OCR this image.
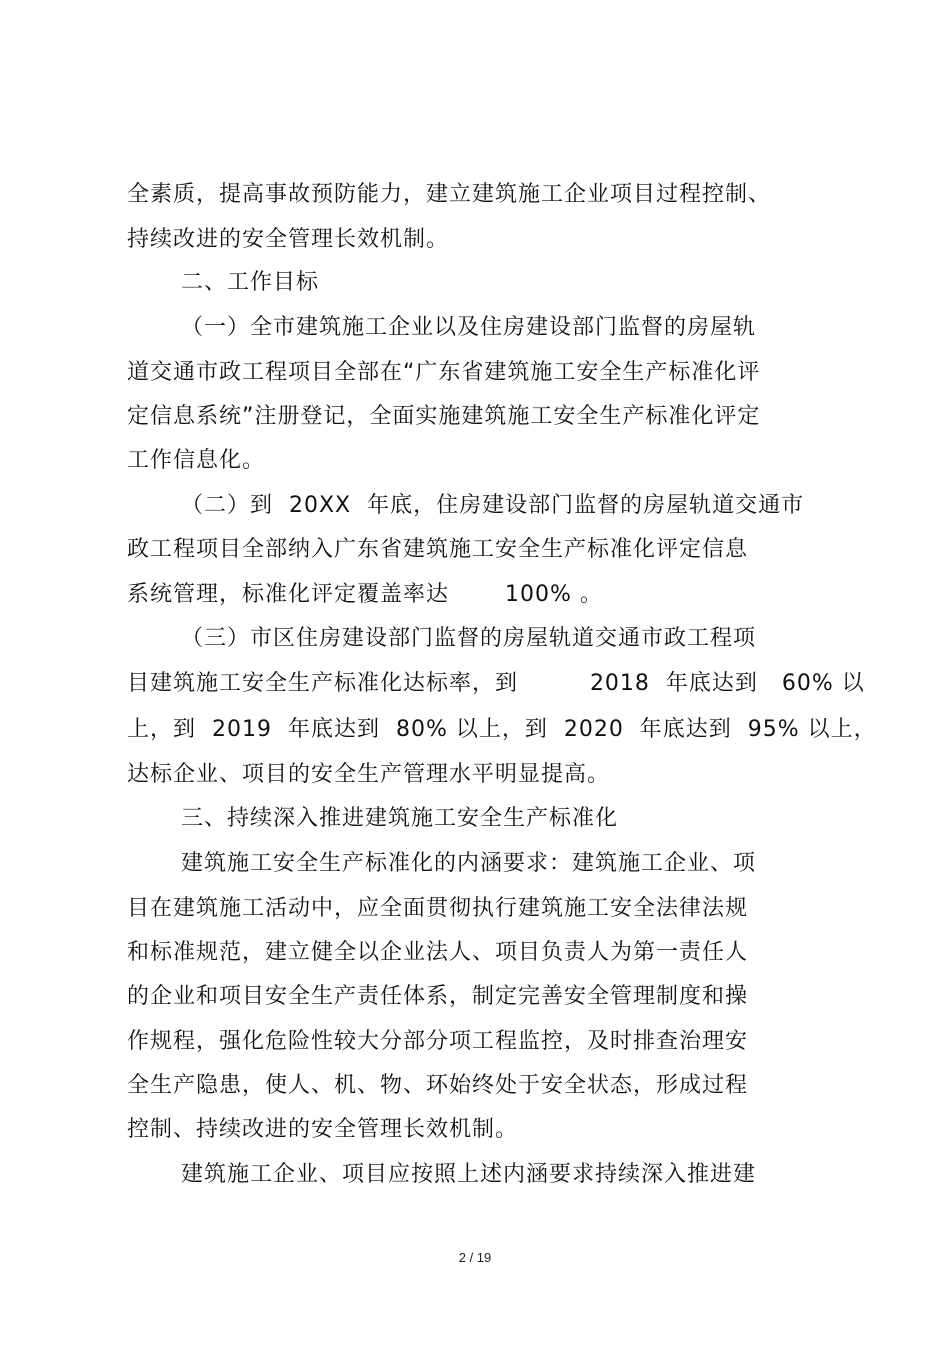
全素质，提高事故预防能力，建立建筑施工企业项目过程控制、
持续改进的安全管理长效机制。
二、工作目标
（一）全市建筑施工企业以及住房建设部门监督的房屋轨
道交通市政工程项目全部在“广东省建筑施工安全生产标准化评
定信息系统”注册登记，全面实施建筑施工安全生产标准化评定
工作信息化。
（二）到  20XX  年底，住房建设部门监督的房屋轨道交通市
政工程项目全部纳入广东省建筑施工安全生产标准化评定信息
系统管理，标准化评定覆盖率达       100% 。
（三）市区住房建设部门监督的房屋轨道交通市政工程项
目建筑施工安全生产标准化达标率，到         2018  年底达到   60% 以
上，到  2019  年底达到  80% 以上，到  2020  年底达到  95% 以上，
达标企业、项目的安全生产管理水平明显提高。
三、持续深入推进建筑施工安全生产标准化
建筑施工安全生产标准化的内涵要求：建筑施工企业、项
目在建筑施工活动中，应全面贯彻执行建筑施工安全法律法规
和标准规范，建立健全以企业法人、项目负责人为第一责任人
的企业和项目安全生产责任体系，制定完善安全管理制度和操
作规程，强化危险性较大分部分项工程监控，及时排查治理安
全生产隐患，使人、机、物、环始终处于安全状态，形成过程
控制、持续改进的安全管理长效机制。
建筑施工企业、项目应按照上述内涵要求持续深入推进建
2 / 19
